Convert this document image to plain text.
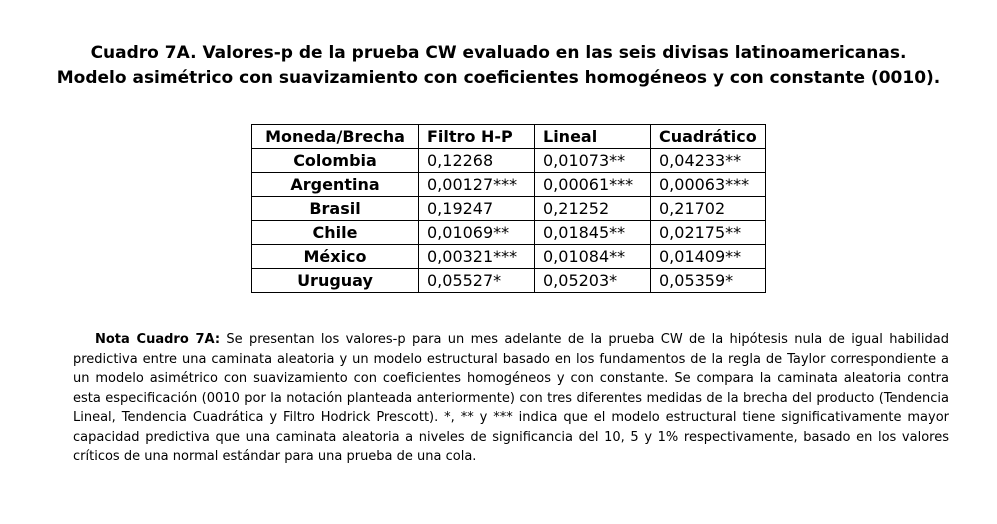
Cuadro 7A. Valores-p de la prueba CW evaluado en las seis divisas latinoamericanas.
Modelo asimétrico con suavizamiento con coeficientes homogéneos y con constante (0010).
Moneda/Brecha	Filtro H-P	Lineal	Cuadrático
Colombia	0,12268	0,01073**	0,04233**
Argentina	0,00127***	0,00061***	0,00063***
Brasil	0,19247	0,21252	0,21702
Chile	0,01069**	0,01845**	0,02175**
México	0,00321***	0,01084**	0,01409**
Uruguay	0,05527*	0,05203*	0,05359*
Nota Cuadro 7A: Se presentan los valores-p para un mes adelante de la prueba CW de la hipótesis nula de igual habilidad predictiva entre una caminata aleatoria y un modelo estructural basado en los fundamentos de la regla de Taylor correspondiente a un modelo asimétrico con suavizamiento con coeficientes homogéneos y con constante. Se compara la caminata aleatoria contra esta especificación (0010 por la notación planteada anteriormente) con tres diferentes medidas de la brecha del producto (Tendencia Lineal, Tendencia Cuadrática y Filtro Hodrick Prescott). *, ** y *** indica que el modelo estructural tiene significativamente mayor capacidad predictiva que una caminata aleatoria a niveles de significancia del 10, 5 y 1% respectivamente, basado en los valores críticos de una normal estándar para una prueba de una cola.
